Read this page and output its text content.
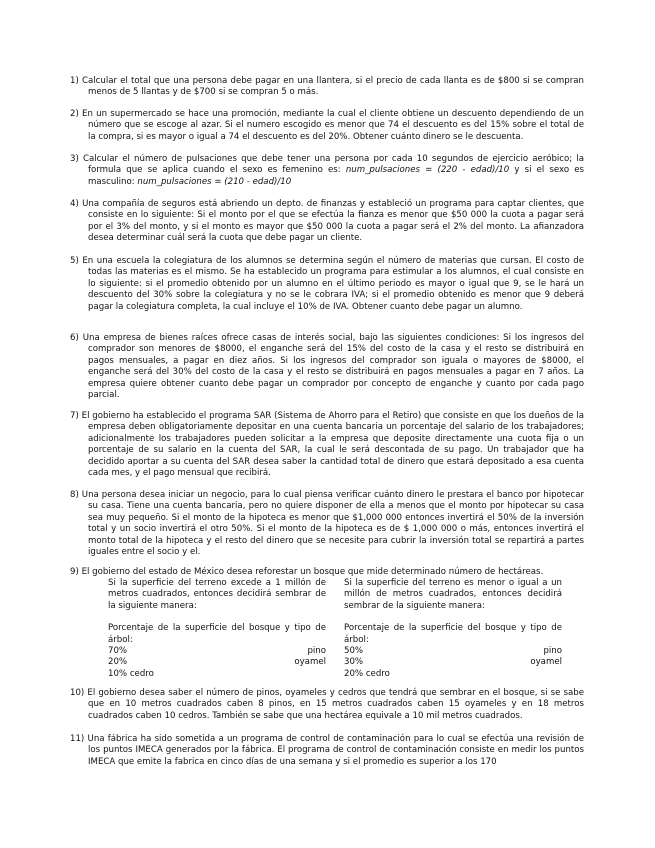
1) Calcular el total que una persona debe pagar en una llantera, si el precio de cada llanta es de $800 si se compran menos de 5 llantas y de $700 si se compran 5 o más.
2) En un supermercado se hace una promoción, mediante la cual el cliente obtiene un descuento dependiendo de un número que se escoge al azar. Si el numero escogido es menor que 74 el descuento es del 15% sobre el total de la compra, si es mayor o igual a 74 el descuento es del 20%. Obtener cuánto dinero se le descuenta.
3) Calcular el número de pulsaciones que debe tener una persona por cada 10 segundos de ejercicio aeróbico; la formula que se aplica cuando el sexo es femenino es: num_pulsaciones = (220 - edad)/10 y si el sexo es masculino: num_pulsaciones = (210 - edad)/10
4) Una compañía de seguros está abriendo un depto. de finanzas y estableció un programa para captar clientes, que consiste en lo siguiente: Si el monto por el que se efectúa la fianza es menor que $50 000 la cuota a pagar será por el 3% del monto, y si el monto es mayor que $50 000 la cuota a pagar será el 2% del monto. La afianzadora desea determinar cuál será la cuota que debe pagar un cliente.
5) En una escuela la colegiatura de los alumnos se determina según el número de materias que cursan. El costo de todas las materias es el mismo. Se ha establecido un programa para estimular a los alumnos, el cual consiste en lo siguiente: si el promedio obtenido por un alumno en el último periodo es mayor o igual que 9, se le hará un descuento del 30% sobre la colegiatura y no se le cobrara IVA; si el promedio obtenido es menor que 9 deberá pagar la colegiatura completa, la cual incluye el 10% de IVA. Obtener cuanto debe pagar un alumno.
6) Una empresa de bienes raíces ofrece casas de interés social, bajo las siguientes condiciones: Si los ingresos del comprador son menores de $8000, el enganche será del 15% del costo de la casa y el resto se distribuirá en pagos mensuales, a pagar en diez años. Si los ingresos del comprador son iguala o mayores de $8000, el enganche será del 30% del costo de la casa y el resto se distribuirá en pagos mensuales a pagar en 7 años. La empresa quiere obtener cuanto debe pagar un comprador por concepto de enganche y cuanto por cada pago parcial.
7) El gobierno ha establecido el programa SAR (Sistema de Ahorro para el Retiro) que consiste en que los dueños de la empresa deben obligatoriamente depositar en una cuenta bancaria un porcentaje del salario de los trabajadores; adicionalmente los trabajadores pueden solicitar a la empresa que deposite directamente una cuota fija o un porcentaje de su salario en la cuenta del SAR, la cual le será descontada de su pago. Un trabajador que ha decidido aportar a su cuenta del SAR desea saber la cantidad total de dinero que estará depositado a esa cuenta cada mes, y el pago mensual que recibirá.
8) Una persona desea iniciar un negocio, para lo cual piensa verificar cuánto dinero le prestara el banco por hipotecar su casa. Tiene una cuenta bancaria, pero no quiere disponer de ella a menos que el monto por hipotecar su casa sea muy pequeño. Si el monto de la hipoteca es menor que $1,000 000 entonces invertirá el 50% de la inversión total y un socio invertirá el otro 50%. Si el monto de la hipoteca es de $ 1,000 000 o más, entonces invertirá el monto total de la hipoteca y el resto del dinero que se necesite para cubrir la inversión total se repartirá a partes iguales entre el socio y el.
9) El gobierno del estado de México desea reforestar un bosque que mide determinado número de hectáreas.

Si la superficie del terreno excede a 1 millón de metros cuadrados, entonces decidirá sembrar de la siguiente manera:

Porcentaje de la superficie del bosque y tipo de árbol:

70%	pino
20%	oyamel
10% cedro

Si la superficie del terreno es menor o igual a un millón de metros cuadrados, entonces decidirá sembrar de la siguiente manera:

Porcentaje de la superficie del bosque y tipo de árbol:

50%	pino
30%	oyamel
20% cedro
10) El gobierno desea saber el número de pinos, oyameles y cedros que tendrá que sembrar en el bosque, si se sabe que en 10 metros cuadrados caben 8 pinos, en 15 metros cuadrados caben 15 oyameles y en 18 metros cuadrados caben 10 cedros. También se sabe que una hectárea equivale a 10 mil metros cuadrados.
11) Una fábrica ha sido sometida a un programa de control de contaminación para lo cual se efectúa una revisión de los puntos IMECA generados por la fábrica. El programa de control de contaminación consiste en medir los puntos IMECA que emite la fabrica en cinco días de una semana y si el promedio es superior a los 170
